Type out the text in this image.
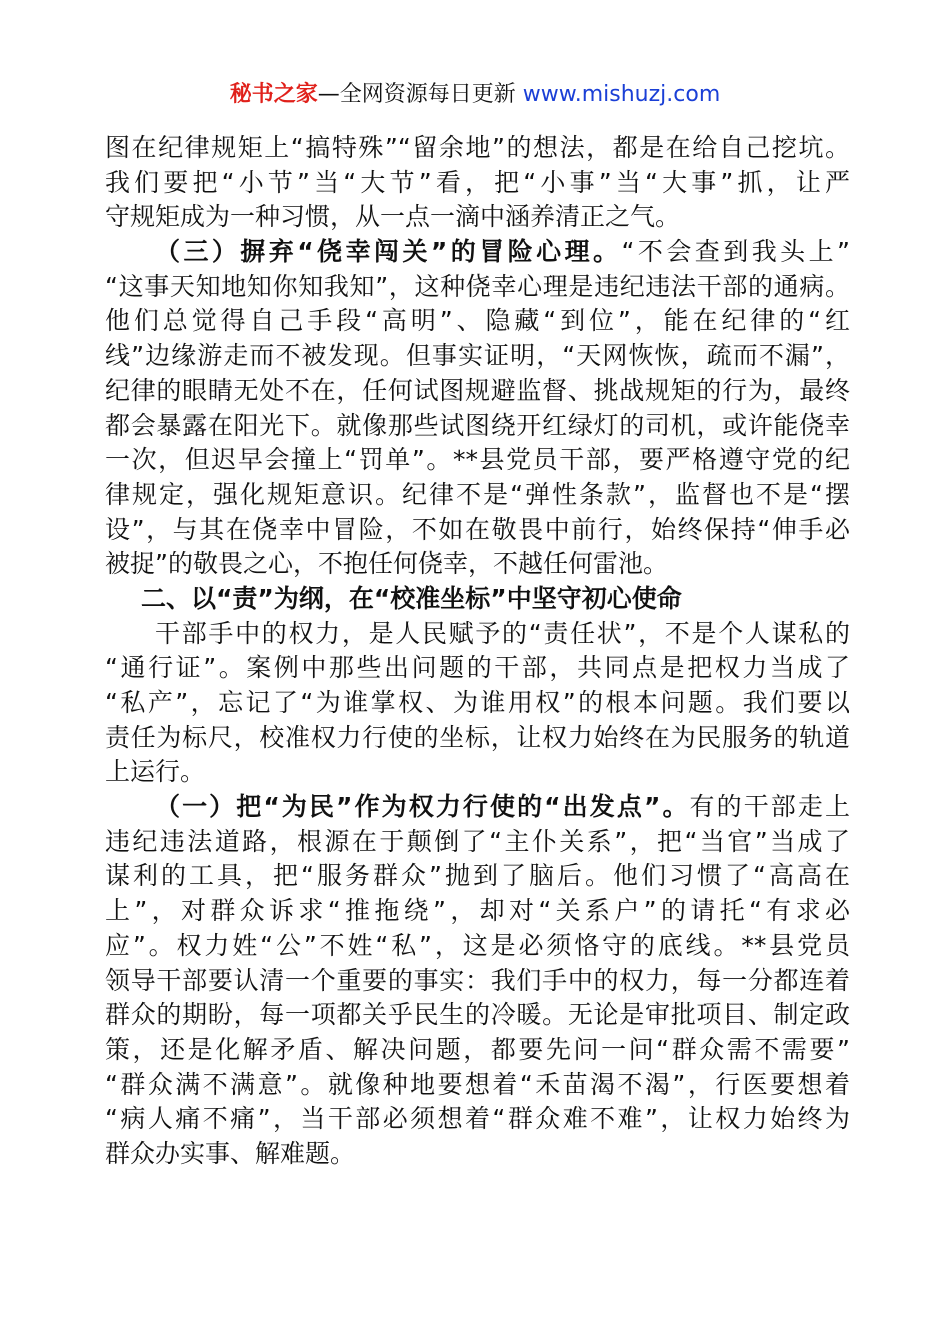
秘书之家—全网资源每日更新 www.mishuzj.com
图在纪律规矩上“搞特殊”“留余地”的想法，都是在给自己挖坑。
我们要把“小节”当“大节”看，把“小事”当“大事”抓，让严
守规矩成为一种习惯，从一点一滴中涵养清正之气。
（三）摒弃“侥幸闯关”的冒险心理。“不会查到我头上”
“这事天知地知你知我知”，这种侥幸心理是违纪违法干部的通病。
他们总觉得自己手段“高明”、隐藏“到位”，能在纪律的“红
线”边缘游走而不被发现。但事实证明，“天网恢恢，疏而不漏”，
纪律的眼睛无处不在，任何试图规避监督、挑战规矩的行为，最终
都会暴露在阳光下。就像那些试图绕开红绿灯的司机，或许能侥幸
一次，但迟早会撞上“罚单”。**县党员干部，要严格遵守党的纪
律规定，强化规矩意识。纪律不是“弹性条款”，监督也不是“摆
设”，与其在侥幸中冒险，不如在敬畏中前行，始终保持“伸手必
被捉”的敬畏之心，不抱任何侥幸，不越任何雷池。
二、以“责”为纲，在“校准坐标”中坚守初心使命
干部手中的权力，是人民赋予的“责任状”，不是个人谋私的
“通行证”。案例中那些出问题的干部，共同点是把权力当成了
“私产”，忘记了“为谁掌权、为谁用权”的根本问题。我们要以
责任为标尺，校准权力行使的坐标，让权力始终在为民服务的轨道
上运行。
（一）把“为民”作为权力行使的“出发点”。有的干部走上
违纪违法道路，根源在于颠倒了“主仆关系”，把“当官”当成了
谋利的工具，把“服务群众”抛到了脑后。他们习惯了“高高在
上”，对群众诉求“推拖绕”，却对“关系户”的请托“有求必
应”。权力姓“公”不姓“私”，这是必须恪守的底线。**县党员
领导干部要认清一个重要的事实：我们手中的权力，每一分都连着
群众的期盼，每一项都关乎民生的冷暖。无论是审批项目、制定政
策，还是化解矛盾、解决问题，都要先问一问“群众需不需要”
“群众满不满意”。就像种地要想着“禾苗渴不渴”，行医要想着
“病人痛不痛”，当干部必须想着“群众难不难”，让权力始终为
群众办实事、解难题。
